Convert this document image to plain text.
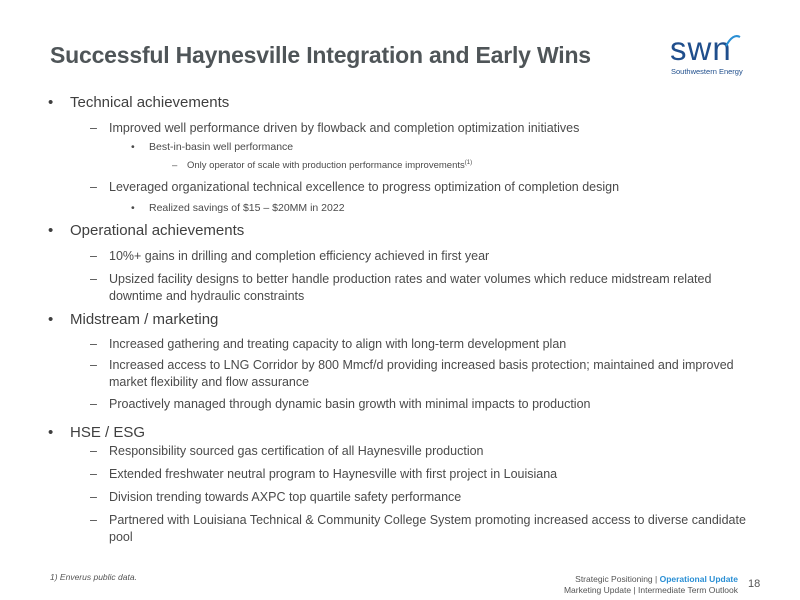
Successful Haynesville Integration and Early Wins swn
Southwestern Energy
• Technical achievements
– Improved well performance driven by flowback and completion optimization initiatives
• Best-in-basin well performance
– Only operator of scale with production performance improvements$^{(1)}$
– Leveraged organizational technical excellence to progress optimization of completion design
• Realized savings of $15 – $20MM in 2022
• Operational achievements
– 10%+ gains in drilling and completion efficiency achieved in first year
– Upsized facility designs to better handle production rates and water volumes which reduce midstream related downtime and hydraulic constraints
• Midstream / marketing
– Increased gathering and treating capacity to align with long-term development plan
– Increased access to LNG Corridor by 800 Mmcf/d providing increased basis protection; maintained and improved market flexibility and flow assurance
– Proactively managed through dynamic basin growth with minimal impacts to production
• HSE / ESG
– Responsibility sourced gas certification of all Haynesville production
– Extended freshwater neutral program to Haynesville with first project in Louisiana
– Division trending towards AXPC top quartile safety performance
– Partnered with Louisiana Technical & Community College System promoting increased access to diverse candidate pool
1) Enverus public data.	Strategic Positioning | Operational Update
Marketing Update | Intermediate Term Outlook 18
